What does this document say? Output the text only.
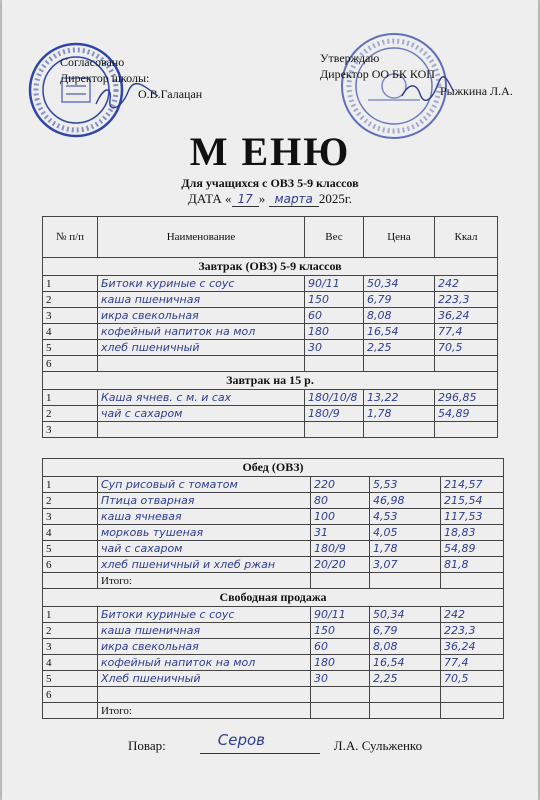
Согласовано
Директор школы:
О.В.Галацан
Утверждаю
Директор ОО БК КОП
Рыжкина Л.А.
М ЕНЮ
Для учащихся с ОВЗ 5-9 классов
ДАТА « 17 » марта 2025г.
№ п/п	Наименование	Вес	Цена	Ккал
Завтрак (ОВЗ) 5-9 классов				
1	Битоки куриные с соус	90/11	50,34	242
2	каша пшеничная	150	6,79	223,3
3	икра свекольная	60	8,08	36,24
4	кофейный напиток на мол	180	16,54	77,4
5	хлеб пшеничный	30	2,25	70,5
6				
Завтрак на 15 р.				
1	Каша ячнев. с м. и сах	180/10/8	13,22	296,85
2	чай с сахаром	180/9	1,78	54,89
3				
Обед (ОВЗ)				
1	Суп рисовый с томатом	220	5,53	214,57
2	Птица отварная	80	46,98	215,54
3	каша ячневая	100	4,53	117,53
4	морковь тушеная	31	4,05	18,83
5	чай с сахаром	180/9	1,78	54,89
6	хлеб пшеничный и хлеб ржан	20/20	3,07	81,8
	Итого:			
Свободная продажа				
1	Битоки куриные с соус	90/11	50,34	242
2	каша пшеничная	150	6,79	223,3
3	икра свекольная	60	8,08	36,24
4	кофейный напиток на мол	180	16,54	77,4
5	Хлеб пшеничный	30	2,25	70,5
6				
	Итого:			
Повар:	Серов	Л.А. Сульженко
